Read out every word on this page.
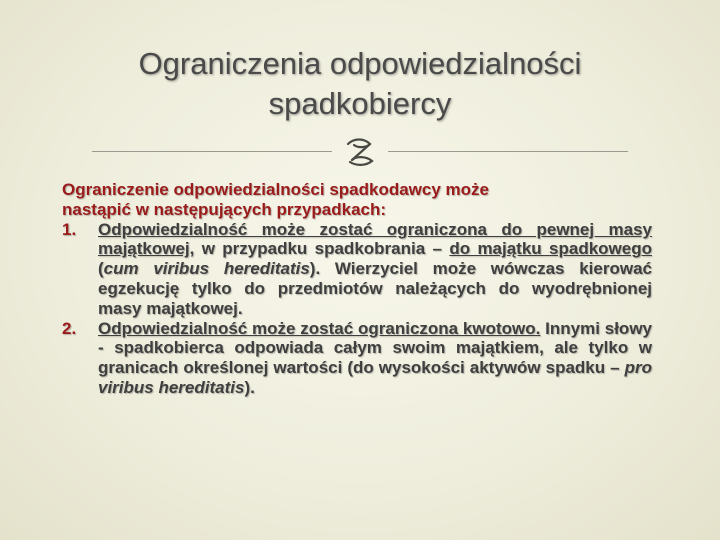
Ograniczenia odpowiedzialności
spadkobiercy

Ograniczenie odpowiedzialności spadkodawcy może
nastąpić w następujących przypadkach:

1. Odpowiedzialność może zostać ograniczona do pewnej masy majątkowej, w przypadku spadkobrania – do majątku spadkowego (cum viribus hereditatis). Wierzyciel może wówczas kierować egzekucję tylko do przedmiotów należących do wyodrębnionej masy majątkowej.
2. Odpowiedzialność może zostać ograniczona kwotowo. Innymi słowy - spadkobierca odpowiada całym swoim majątkiem, ale tylko w granicach określonej wartości (do wysokości aktywów spadku – pro viribus hereditatis).
